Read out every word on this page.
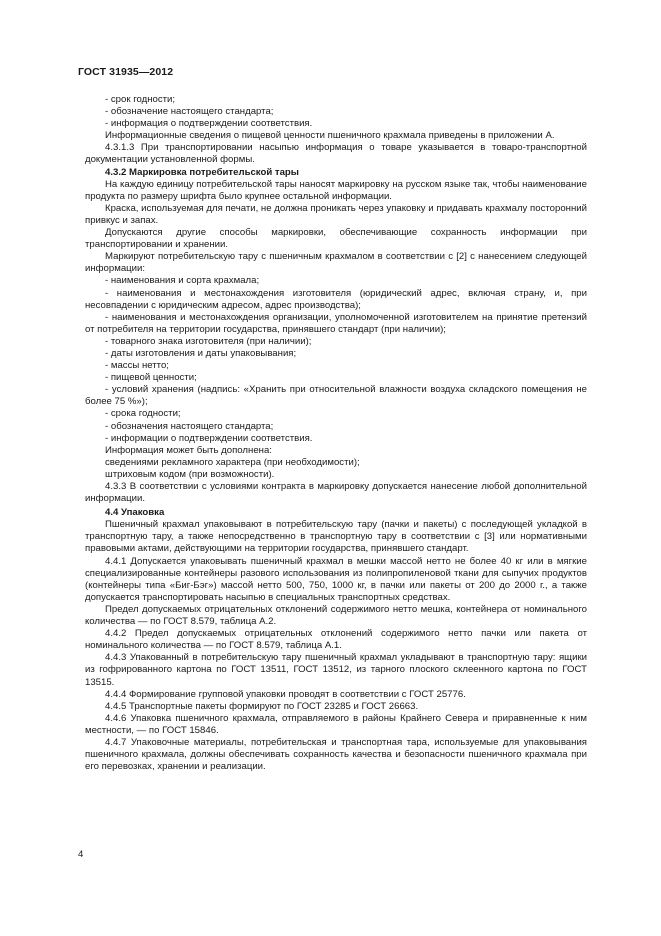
ГОСТ 31935—2012

- срок годности;

- обозначение настоящего стандарта;

- информация о подтверждении соответствия.

Информационные сведения о пищевой ценности пшеничного крахмала приведены в приложении А.

4.3.1.3 При транспортировании насыпью информация о товаре указывается в товаро-транспортной документации установленной формы.

4.3.2 Маркировка потребительской тары

На каждую единицу потребительской тары наносят маркировку на русском языке так, чтобы наименование продукта по размеру шрифта было крупнее остальной информации.

Краска, используемая для печати, не должна проникать через упаковку и придавать крахмалу посторонний привкус и запах.

Допускаются другие способы маркировки, обеспечивающие сохранность информации при транспортировании и хранении.

Маркируют потребительскую тару с пшеничным крахмалом в соответствии с [2] с нанесением следующей информации:

- наименования и сорта крахмала;

- наименования и местонахождения изготовителя (юридический адрес, включая страну, и, при несовпадении с юридическим адресом, адрес производства);

- наименования и местонахождения организации, уполномоченной изготовителем на принятие претензий от потребителя на территории государства, принявшего стандарт (при наличии);

- товарного знака изготовителя (при наличии);

- даты изготовления и даты упаковывания;

- массы нетто;

- пищевой ценности;

- условий хранения (надпись: «Хранить при относительной влажности воздуха складского помещения не более 75 %»);

- срока годности;

- обозначения настоящего стандарта;

- информации о подтверждении соответствия.

Информация может быть дополнена:

сведениями рекламного характера (при необходимости);

штриховым кодом (при возможности).

4.3.3 В соответствии с условиями контракта в маркировку допускается нанесение любой дополнительной информации.

4.4 Упаковка

Пшеничный крахмал упаковывают в потребительскую тару (пачки и пакеты) с последующей укладкой в транспортную тару, а также непосредственно в транспортную тару в соответствии с [3] или нормативными правовыми актами, действующими на территории государства, принявшего стандарт.

4.4.1 Допускается упаковывать пшеничный крахмал в мешки массой нетто не более 40 кг или в мягкие специализированные контейнеры разового использования из полипропиленовой ткани для сыпучих продуктов (контейнеры типа «Биг-Бэг») массой нетто 500, 750, 1000 кг, в пачки или пакеты от 200 до 2000 г., а также допускается транспортировать насыпью в специальных транспортных средствах.

Предел допускаемых отрицательных отклонений содержимого нетто мешка, контейнера от номинального количества — по ГОСТ 8.579, таблица А.2.

4.4.2 Предел допускаемых отрицательных отклонений содержимого нетто пачки или пакета от номинального количества — по ГОСТ 8.579, таблица А.1.

4.4.3 Упакованный в потребительскую тару пшеничный крахмал укладывают в транспортную тару: ящики из гофрированного картона по ГОСТ 13511, ГОСТ 13512, из тарного плоского склеенного картона по ГОСТ 13515.

4.4.4 Формирование групповой упаковки проводят в соответствии с ГОСТ 25776.

4.4.5 Транспортные пакеты формируют по ГОСТ 23285 и ГОСТ 26663.

4.4.6 Упаковка пшеничного крахмала, отправляемого в районы Крайнего Севера и приравненные к ним местности, — по ГОСТ 15846.

4.4.7 Упаковочные материалы, потребительская и транспортная тара, используемые для упаковывания пшеничного крахмала, должны обеспечивать сохранность качества и безопасности пшеничного крахмала при его перевозках, хранении и реализации.

4
